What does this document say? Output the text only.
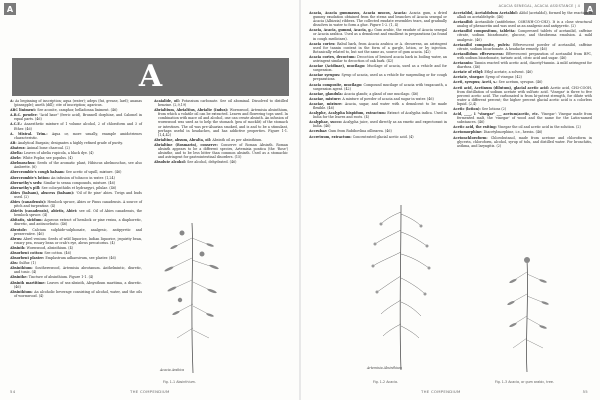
A
A

A: As beginning of inscription; aqua (water); adeps (fat, grease, lard); ananas (pineapple); aneth (dill); cite of inscription; agaricus.

ABC liniment: See aconite, camphor, belladonna liniment. (46)

A.B.C. powder: "Acid base" (ferric acid), Brunnell dorphine, and Calomel in equal parts. (46)

A.C.E.: Anaesthetic mixture of 1 volume alcohol, 2 of chloroform and 3 of Ether. (46)

A. Mistral. Trim.: Aqua or, more usually, example amidotrienes characteristic.

AB: Analytical Bargain; designates a highly refined grade of purity.

Abatroz: Animal bone charcoal. (2)

Abelia: Leaves of abelia rupicola, a black dye. (4)

Abele: White Poplar, see populus. (4)

Abelmoschus: Seeds of the aromatic plant, Hibiscus abelmoschus, see also Ambrette. (6)

Abercrombie's cough balsam: See acetic of squill, mixture. (46)

Abercrombie's lotion: An infusion of tobacco in water. (1,24)

Abernethy's seds: Similar to senna compounds, mixture. (46)

Abernethy's pill: See colocynthidis et hydrargyri, pilulae. (46)

Abies (balsam), abscess (balsam): 'Oil of fir pine' abies. Twigs and buds used. (2)

Abies (canadensis): Hemlock spruce, Abies or Pinus canadensis. A source of pitch and turpentine. (4)

Abietis (canadensis), abietis, Abiet: see oil. Oil of Abies canadensis, the hemlock spruce. (4)

Abitatis, sicidum: Aqueous extract of hemlock or pine resins, a diaphoretic, diuretic, and antiscorbutic. (46)

Abrotole: Calcium sulphide-sulphonate, analgesic, antipyretic and preservative. (46)

Abrus: Abrel venium: Seeds of wild liquorice, Indian liquorice, jequirity bean, rosary pea, rosary bean or crab's eye, abrus precatorius. (4)

Absinth: Wormwood, absinthium. (4)

Absorbent cotton: See cotton. (46)

Absorbent plaster: Emplastrum adhaesivum, see plaster. (46)

Abs: Sulfur. (1)

Absinthium: Southernwood, Artemisia abrotanum. Anthelmintic, diuretic, and tonic. (4)

Absinthe: Tincture of absinthium. Figure 1-1. (4)

Absinth martitime: Leaves of sea-absinth, Absynthum maritima, a diuretic. (46)

Absinthium: An alcoholic beverage consisting of alcohol, water, and the oils of wormwood. (4)

Acaialide, oil: Potassium carbonate. See oil abominal. Dissolved to distilled benzine. (2,9,19)

Abrialtium, Abrialtius, Abrialte (Indus): Wormwood, Artemisia absinthium, from which a volatile oil can be extracted. Leaves and flowering tops used. In combination with mace oil and alcohol, one can create absinth. An infusion of wormwood was used as to help the stomach (pea of mocklit) of the stomach or intestines. The oil was pre-Alsarian smoked, and is and to be a stimulant, perhaps useful in headaches, and has addictive properties. Figure 1-1. (1,4,42)

Abrialtine, absum, Abralta, oil: Absinth oil as per absinthium.

Abrialtine (Rosmarin), conserve: Conserve of Roman Absinth. Roman absinth appears to be a different species, Artemisia pontica (the 'Rose') absinthe, and to be less bitter than common absinth. Used as a stomachic and astringent for gastrointestinal disorders. (15)

Absolute alcohol: See alcohol, dehydrated. (46)

Acacia Arabica
Fig. 1-1 Absinthium.
54	THE COMPENDIUM
ACACIA SENEGAL, ACACIA ASSISTANCE | 4 A

Acacia, Acacia gummasus, Acacia mucos, Acacia: Acacia gum, a dried gummy exudation obtained from the stems and branches of Acacia senegal or Acacia (Albizzia) ribbera. The collected exudate resembles tears, and gradually dissolves in water to form a glue. Figure 1-2. (1, 4)

Acacia, Acacia, gummi, Acacia, g.: Gum arabic, the exudate of Acacia senegal or Acacia arabica. Used as a demulcent and emollient in preparations (as found in cough medicines).

Acacia cortex: Babul bark, from Acacia arabica or A. decurrens, an astringent used for tannin content in the form of a gargle, lotion, or by injection. Botanically related to, but not the same as, source of gum acacia. (42)

Acacia cortex, decoctum: Decoction of bruised acacia bark in boiling water, an astringent similar to decoction of oak bark. (42)

Acaciae (Acidinae), mucilago: Mucilage of acacia, used as a vehicle and for suspension.

Acaciae syrupus: Syrup of acacia, used as a vehicle for suspending or for cough preparations.

Acacia composite, mucilago: Compound mucilage of acacia with tragacanth, a suspension agent. (42)

Acaciae, glandula: Acacia glands; a gland of one mucilago. (46)

Acaciae, mixture: A mixture of powder of acacia and sugar in water. (46)

Acaciae, mixture: Acacia, sugar, and water with a demulcent to be made flexible. (46)

Acalyphe, Acalypha hispidum, extractum: Extract of Acalypha indica. Used in India for the leaves and roots. (4)

Acalyphae, succo: Acalypha juice, used directly as an emetic and expectorant in India. (46)

Accrubaz: Gum from Rubibovlina oilbearea. (46)

Accretuum, extractum: Concentrated glacial acetic acid. (4)

Accetaldol, Acetaldolum Acetaldol: Aldol (acetaldol), formed by the reaction of alkali on acetaldehyde. (46)

Acetanilid: Acetanilide (antifebrine, C6H5NH-CO-CH3). It is a close structural analog of phenacetin and was used as an analgesic and antipyretic. (2)

Acetanilid compositum, tabletta: Compressed tablets of acetanilid, caffeine citrate, sodium bicarbonate, glucose, and theobroma emulsion. A mild analgesic. (46)

Acetanilid composite, pulvis: Effervescent powder of acetanilid, caffeine citrate, sodium bicarbonate. A headache remedy. (46)

Acetanilidum effervescens: Effervescent preparation of acetanilid from BPC, with sodium bicarbonate, tartaric acid, citric acid and sugar. (46)

Acetannin: Tannin reacted with acetic acid, diacetyl-tannin. A mild astringent for diarrhea. (46)

Acetate of ethyl: Ethyl acetate, a solvent. (46)

Acetate, vinegar: Syrup of vinegar. (42)

Aceti, syrupus; Aceti, s.: See acetum, syrupus. (46)

Aceti acid, Acetinum (dilutum), glacial acetic acid: Acetic acid, CH3-COOH, from distillation of sodium acetate with sulfuric acid. 'Vinegar' is three to five percent acetic acid. The carbonated is from hi-potent strength, for dilute with water a different percent; the higher percent glacial acetic acid is a colorless liquid. (2,4)

Acetic (lotion): See lotions (2)

Acid, ____, 1 "vinegar" ___ acetum/acetic, etc. 'Vinegar': Vinegar made from fermented malt, the 'vinegar' of wood and the name for the Latin-named substances. (46)

Acetic acid, the exiting: Vinegar the oil and acetic acid in the solution. (2)

Acetomorphine: Diacetylmorphine, i.e., heroin. (46)

Acetonchloroform: Chlorobutanol, made from acetone and chloroform in glycerin, chloroform, alcohol, syrup of tolu, and distilled water. For bronchitis, asthma, and laryngitis. (2)

Artemisia Absinthium
Fig. 1-2 Acacia.	Fig. 1-3 Acacia, or gum arabic, tree.
THE COMPENDIUM	55
